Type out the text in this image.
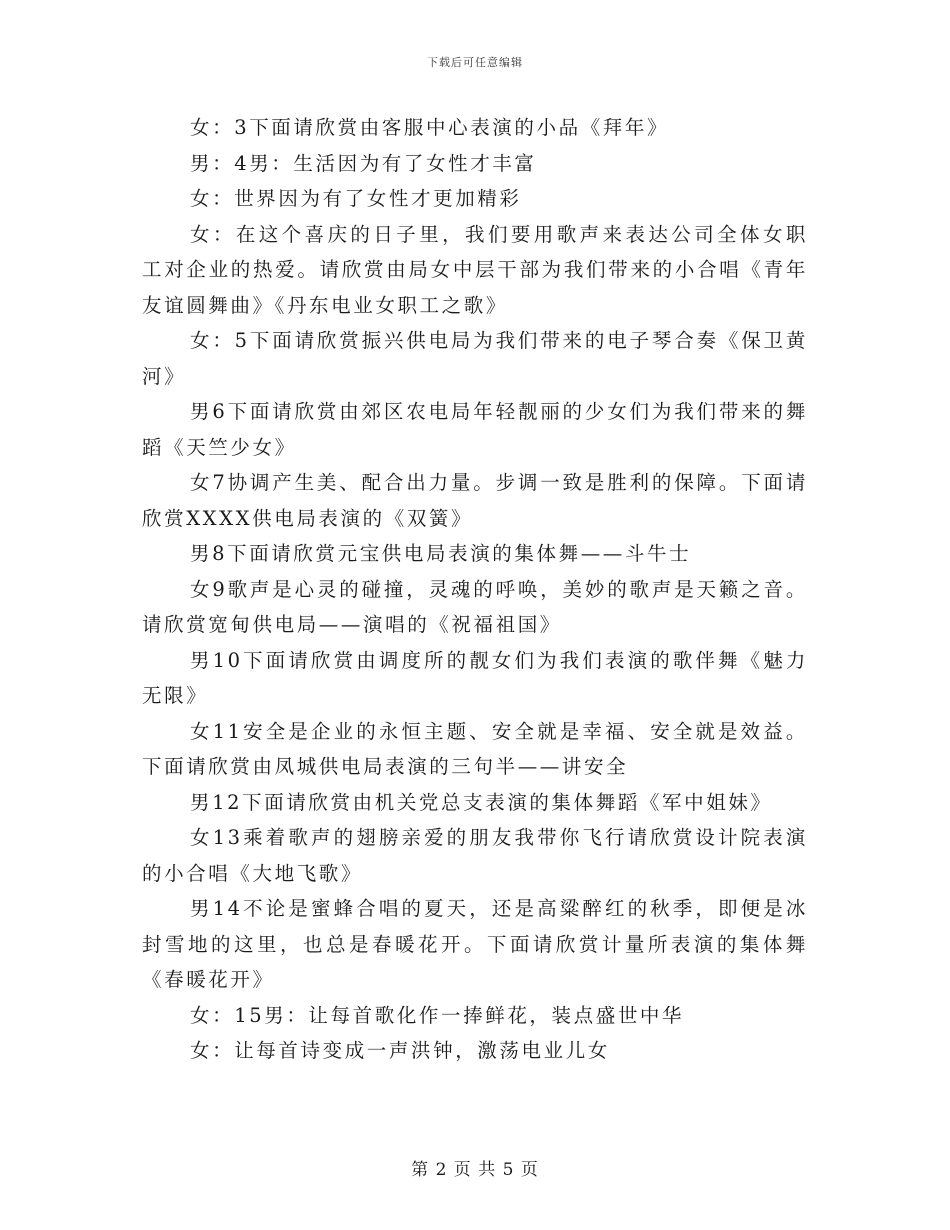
下载后可任意编辑

女：3下面请欣赏由客服中心表演的小品《拜年》

男：4男：生活因为有了女性才丰富

女：世界因为有了女性才更加精彩

女：在这个喜庆的日子里，我们要用歌声来表达公司全体女职工对企业的热爱。请欣赏由局女中层干部为我们带来的小合唱《青年友谊圆舞曲》《丹东电业女职工之歌》

女：5下面请欣赏振兴供电局为我们带来的电子琴合奏《保卫黄河》

男6下面请欣赏由郊区农电局年轻靓丽的少女们为我们带来的舞蹈《天竺少女》

女7协调产生美、配合出力量。步调一致是胜利的保障。下面请欣赏XXXX供电局表演的《双簧》

男8下面请欣赏元宝供电局表演的集体舞——斗牛士

女9歌声是心灵的碰撞，灵魂的呼唤，美妙的歌声是天籁之音。请欣赏宽甸供电局——演唱的《祝福祖国》

男10下面请欣赏由调度所的靓女们为我们表演的歌伴舞《魅力无限》

女11安全是企业的永恒主题、安全就是幸福、安全就是效益。下面请欣赏由凤城供电局表演的三句半——讲安全

男12下面请欣赏由机关党总支表演的集体舞蹈《军中姐妹》

女13乘着歌声的翅膀亲爱的朋友我带你飞行请欣赏设计院表演的小合唱《大地飞歌》

男14不论是蜜蜂合唱的夏天，还是高粱醉红的秋季，即便是冰封雪地的这里，也总是春暖花开。下面请欣赏计量所表演的集体舞《春暖花开》

女：15男：让每首歌化作一捧鲜花，装点盛世中华

女：让每首诗变成一声洪钟，激荡电业儿女

第 2 页 共 5 页
